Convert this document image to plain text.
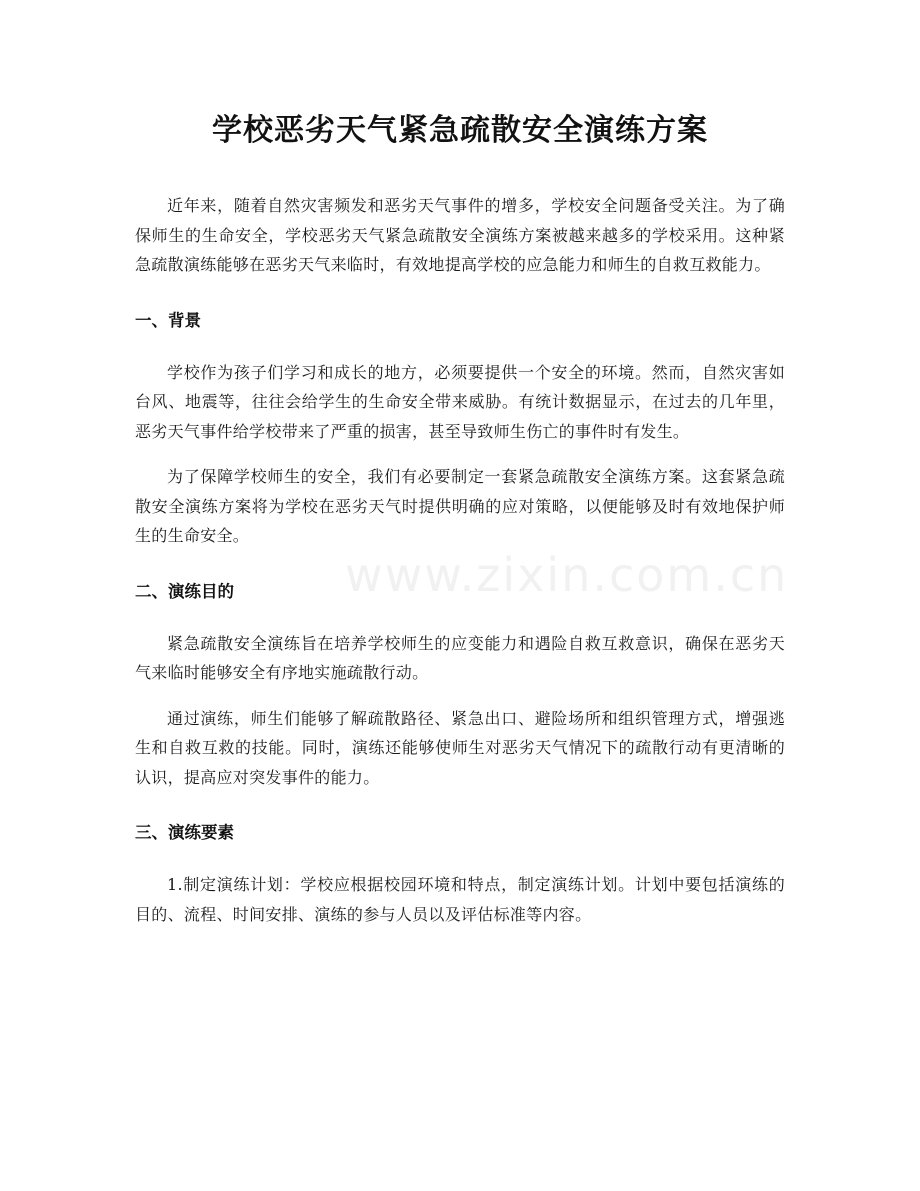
学校恶劣天气紧急疏散安全演练方案

近年来，随着自然灾害频发和恶劣天气事件的增多，学校安全问题备受关注。为了确保师生的生命安全，学校恶劣天气紧急疏散安全演练方案被越来越多的学校采用。这种紧急疏散演练能够在恶劣天气来临时，有效地提高学校的应急能力和师生的自救互救能力。

一、背景

学校作为孩子们学习和成长的地方，必须要提供一个安全的环境。然而，自然灾害如台风、地震等，往往会给学生的生命安全带来威胁。有统计数据显示，在过去的几年里，恶劣天气事件给学校带来了严重的损害，甚至导致师生伤亡的事件时有发生。

为了保障学校师生的安全，我们有必要制定一套紧急疏散安全演练方案。这套紧急疏散安全演练方案将为学校在恶劣天气时提供明确的应对策略，以便能够及时有效地保护师生的生命安全。

二、演练目的

紧急疏散安全演练旨在培养学校师生的应变能力和遇险自救互救意识，确保在恶劣天气来临时能够安全有序地实施疏散行动。

通过演练，师生们能够了解疏散路径、紧急出口、避险场所和组织管理方式，增强逃生和自救互救的技能。同时，演练还能够使师生对恶劣天气情况下的疏散行动有更清晰的认识，提高应对突发事件的能力。

三、演练要素

1.制定演练计划：学校应根据校园环境和特点，制定演练计划。计划中要包括演练的目的、流程、时间安排、演练的参与人员以及评估标准等内容。

www.zixin.com.cn
